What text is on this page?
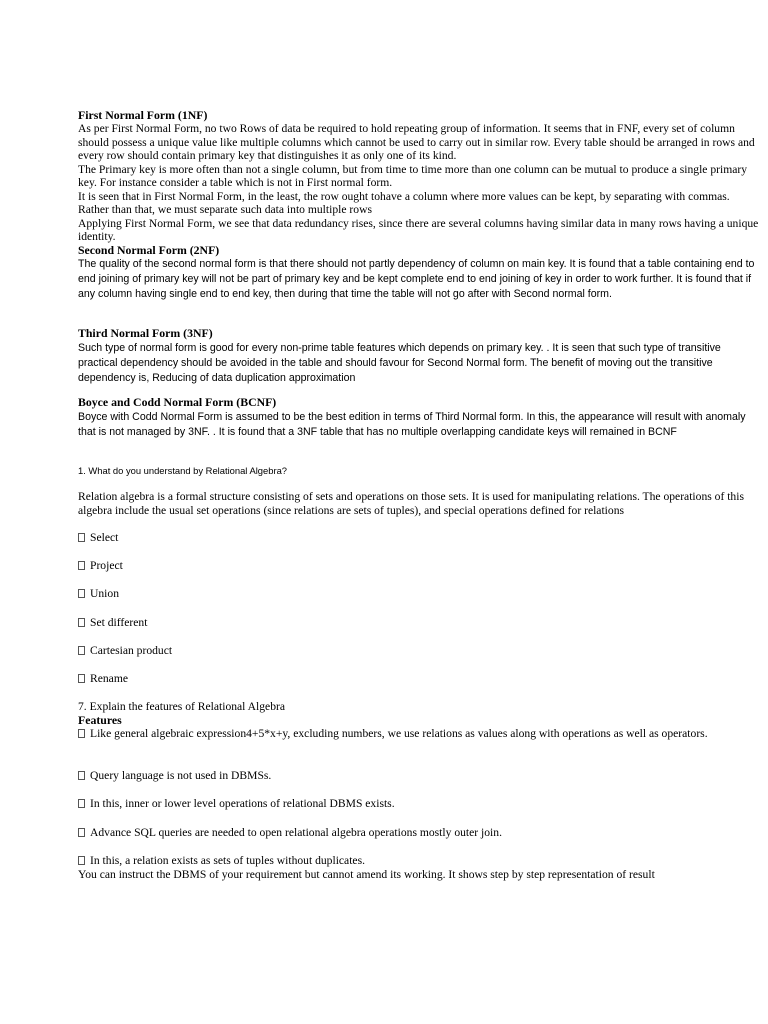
First Normal Form (1NF)
As per First Normal Form, no two Rows of data be required to hold repeating group of information. It seems that in FNF, every set of column should possess a unique value like multiple columns which cannot be used to carry out in similar row. Every table should be arranged in rows and every row should contain primary key that distinguishes it as only one of its kind.
The Primary key is more often than not a single column, but from time to time more than one column can be mutual to produce a single primary key. For instance consider a table which is not in First normal form.
It is seen that in First Normal Form, in the least, the row ought tohave a column where more values can be kept, by separating with commas. Rather than that, we must separate such data into multiple rows
Applying First Normal Form, we see that data redundancy rises, since there are several columns having similar data in many rows having a unique identity.
Second Normal Form (2NF)
The quality of the second normal form is that there should not partly dependency of column on main key. It is found that a table containing end to end joining of primary key will not be part of primary key and be kept complete end to end joining of key in order to work further. It is found that if any column having single end to end key, then during that time the table will not go after with Second normal form.
Third Normal Form (3NF)
Such type of normal form is good for every non-prime table features which depends on primary key. . It is seen that such type of transitive practical dependency should be avoided in the table and should favour for Second Normal form. The benefit of moving out the transitive dependency is, Reducing of data duplication approximation
Boyce and Codd Normal Form (BCNF)
Boyce with Codd Normal Form is assumed to be the best edition in terms of Third Normal form. In this, the appearance will result with anomaly that is not managed by 3NF. . It is found that a 3NF table that has no multiple overlapping candidate keys will remained in BCNF
1. What do you understand by Relational Algebra?
Relation algebra is a formal structure consisting of sets and operations on those sets. It is used for manipulating relations. The operations of this algebra include the usual set operations (since relations are sets of tuples), and special operations defined for relations
Select
Project
Union
Set different
Cartesian product
Rename
7. Explain the features of Relational Algebra
Features
Like general algebraic expression4+5*x+y, excluding numbers, we use relations as values along with operations as well as operators.
Query language is not used in DBMSs.
In this, inner or lower level operations of relational DBMS exists.
Advance SQL queries are needed to open relational algebra operations mostly outer join.
In this, a relation exists as sets of tuples without duplicates.
You can instruct the DBMS of your requirement but cannot amend its working. It shows step by step representation of result
